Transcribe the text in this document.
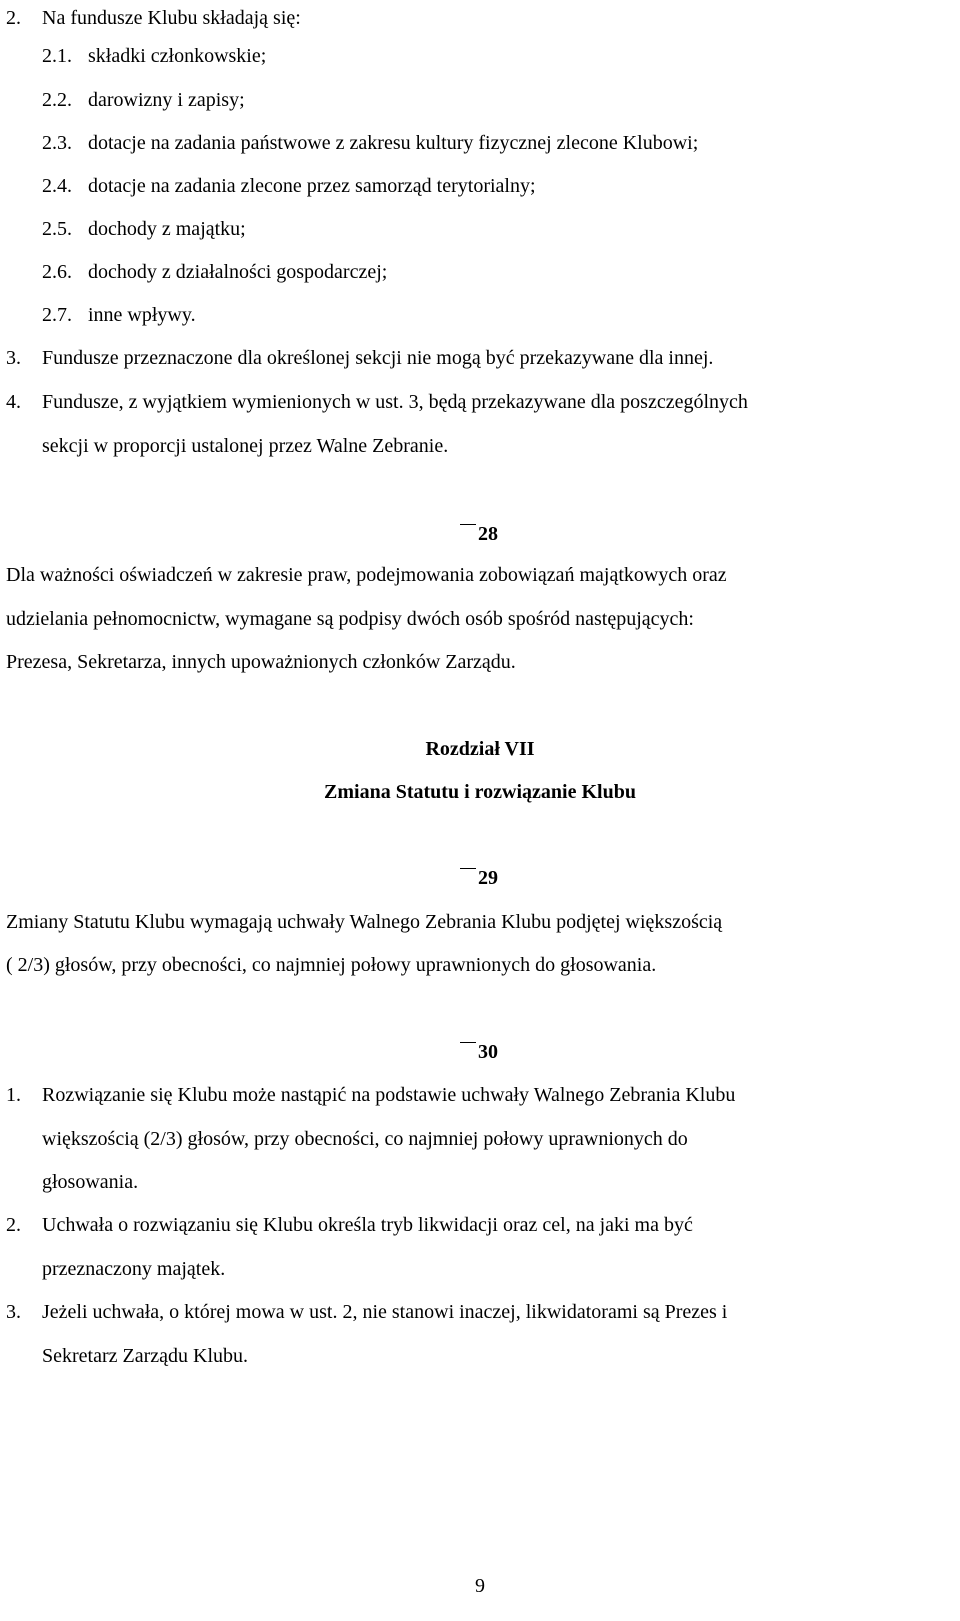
2. Na fundusze Klubu składają się:
2.1. składki członkowskie;
2.2. darowizny i zapisy;
2.3. dotacje na zadania państwowe z zakresu kultury fizycznej zlecone Klubowi;
2.4. dotacje na zadania zlecone przez samorząd terytorialny;
2.5. dochody z majątku;
2.6. dochody z działalności gospodarczej;
2.7. inne wpływy.
3. Fundusze przeznaczone dla określonej sekcji nie mogą być przekazywane dla innej.
4. Fundusze, z wyjątkiem wymienionych w ust. 3, będą przekazywane dla poszczególnych
sekcji w proporcji ustalonej przez Walne Zebranie.
28
Dla ważności oświadczeń w zakresie praw, podejmowania zobowiązań majątkowych oraz
udzielania pełnomocnictw, wymagane są podpisy dwóch osób spośród następujących:
Prezesa, Sekretarza, innych upoważnionych członków Zarządu.
Rozdział VII
Zmiana Statutu i rozwiązanie Klubu
29
Zmiany Statutu Klubu wymagają uchwały Walnego Zebrania Klubu podjętej większością
( 2/3) głosów, przy obecności, co najmniej połowy uprawnionych do głosowania.
30
1. Rozwiązanie się Klubu może nastąpić na podstawie uchwały Walnego Zebrania Klubu
większością (2/3) głosów, przy obecności, co najmniej połowy uprawnionych do
głosowania.
2. Uchwała o rozwiązaniu się Klubu określa tryb likwidacji oraz cel, na jaki ma być
przeznaczony majątek.
3. Jeżeli uchwała, o której mowa w ust. 2, nie stanowi inaczej, likwidatorami są Prezes i
Sekretarz Zarządu Klubu.
9
